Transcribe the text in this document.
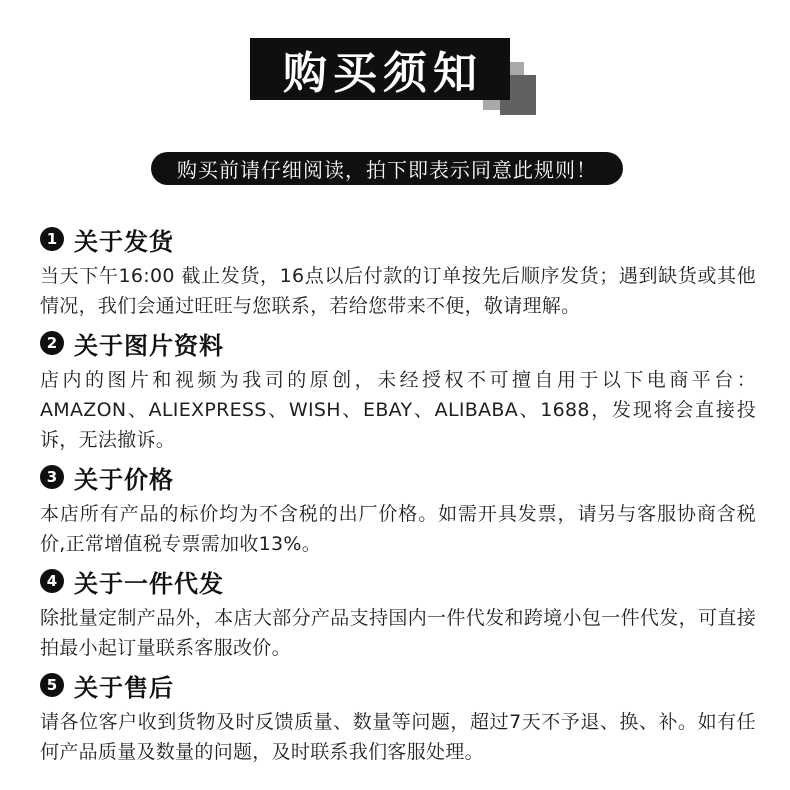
购买须知
购买前请仔细阅读，拍下即表示同意此规则！
1 关于发货
当天下午16:00 截止发货，16点以后付款的订单按先后顺序发货；遇到缺货或其他情况，我们会通过旺旺与您联系，若给您带来不便，敬请理解。
2 关于图片资料
店内的图片和视频为我司的原创，未经授权不可擅自用于以下电商平台：AMAZON、ALIEXPRESS、WISH、EBAY、ALIBABA、1688，发现将会直接投诉，无法撤诉。
3 关于价格
本店所有产品的标价均为不含税的出厂价格。如需开具发票，请另与客服协商含税价,正常增值税专票需加收13%。
4 关于一件代发
除批量定制产品外，本店大部分产品支持国内一件代发和跨境小包一件代发，可直接拍最小起订量联系客服改价。
5 关于售后
请各位客户收到货物及时反馈质量、数量等问题，超过7天不予退、换、补。如有任何产品质量及数量的问题，及时联系我们客服处理。
